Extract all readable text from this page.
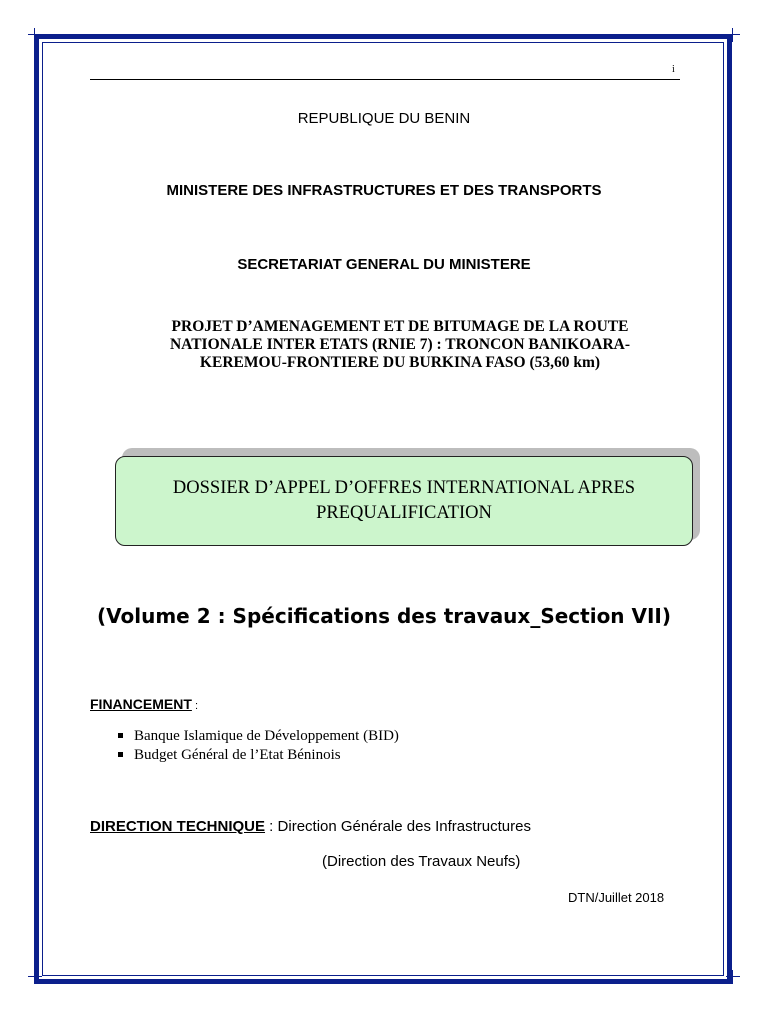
i
REPUBLIQUE DU BENIN
MINISTERE DES INFRASTRUCTURES ET DES TRANSPORTS
SECRETARIAT GENERAL DU MINISTERE
PROJET D’AMENAGEMENT ET DE BITUMAGE DE LA ROUTE
NATIONALE INTER ETATS (RNIE 7) : TRONCON BANIKOARA-
KEREMOU-FRONTIERE DU BURKINA FASO (53,60 km)
DOSSIER D’APPEL D’OFFRES INTERNATIONAL APRES
PREQUALIFICATION
(Volume 2 : Spécifications des travaux_Section VII)
FINANCEMENT :
Banque Islamique de Développement (BID)
Budget Général de l’Etat Béninois
DIRECTION TECHNIQUE : Direction Générale des Infrastructures
(Direction des Travaux Neufs)
DTN/Juillet 2018
